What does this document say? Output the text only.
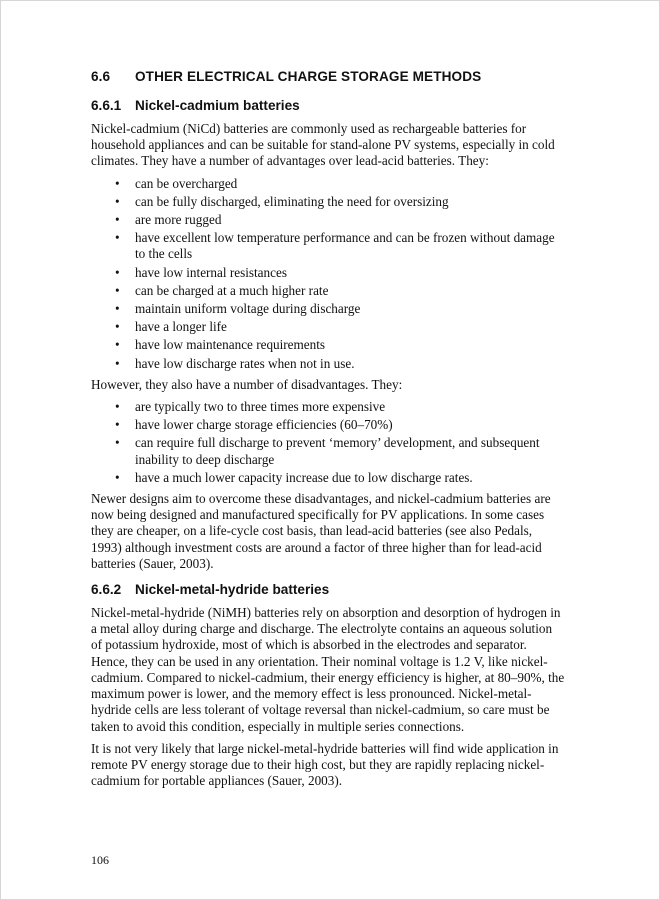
6.6	OTHER ELECTRICAL CHARGE STORAGE METHODS
6.6.1	Nickel-cadmium batteries

Nickel-cadmium (NiCd) batteries are commonly used as rechargeable batteries for household appliances and can be suitable for stand-alone PV systems, especially in cold climates. They have a number of advantages over lead-acid batteries. They:

• can be overcharged
• can be fully discharged, eliminating the need for oversizing
• are more rugged
• have excellent low temperature performance and can be frozen without damage to the cells
• have low internal resistances
• can be charged at a much higher rate
• maintain uniform voltage during discharge
• have a longer life
• have low maintenance requirements
• have low discharge rates when not in use.

However, they also have a number of disadvantages. They:

• are typically two to three times more expensive
• have lower charge storage efficiencies (60–70%)
• can require full discharge to prevent ‘memory’ development, and subsequent inability to deep discharge
• have a much lower capacity increase due to low discharge rates.

Newer designs aim to overcome these disadvantages, and nickel-cadmium batteries are now being designed and manufactured specifically for PV applications. In some cases they are cheaper, on a life-cycle cost basis, than lead-acid batteries (see also Pedals, 1993) although investment costs are around a factor of three higher than for lead-acid batteries (Sauer, 2003).

6.6.2	Nickel-metal-hydride batteries

Nickel-metal-hydride (NiMH) batteries rely on absorption and desorption of hydrogen in a metal alloy during charge and discharge. The electrolyte contains an aqueous solution of potassium hydroxide, most of which is absorbed in the electrodes and separator. Hence, they can be used in any orientation. Their nominal voltage is 1.2 V, like nickel-cadmium. Compared to nickel-cadmium, their energy efficiency is higher, at 80–90%, the maximum power is lower, and the memory effect is less pronounced. Nickel-metal-hydride cells are less tolerant of voltage reversal than nickel-cadmium, so care must be taken to avoid this condition, especially in multiple series connections.

It is not very likely that large nickel-metal-hydride batteries will find wide application in remote PV energy storage due to their high cost, but they are rapidly replacing nickel-cadmium for portable appliances (Sauer, 2003).

106
